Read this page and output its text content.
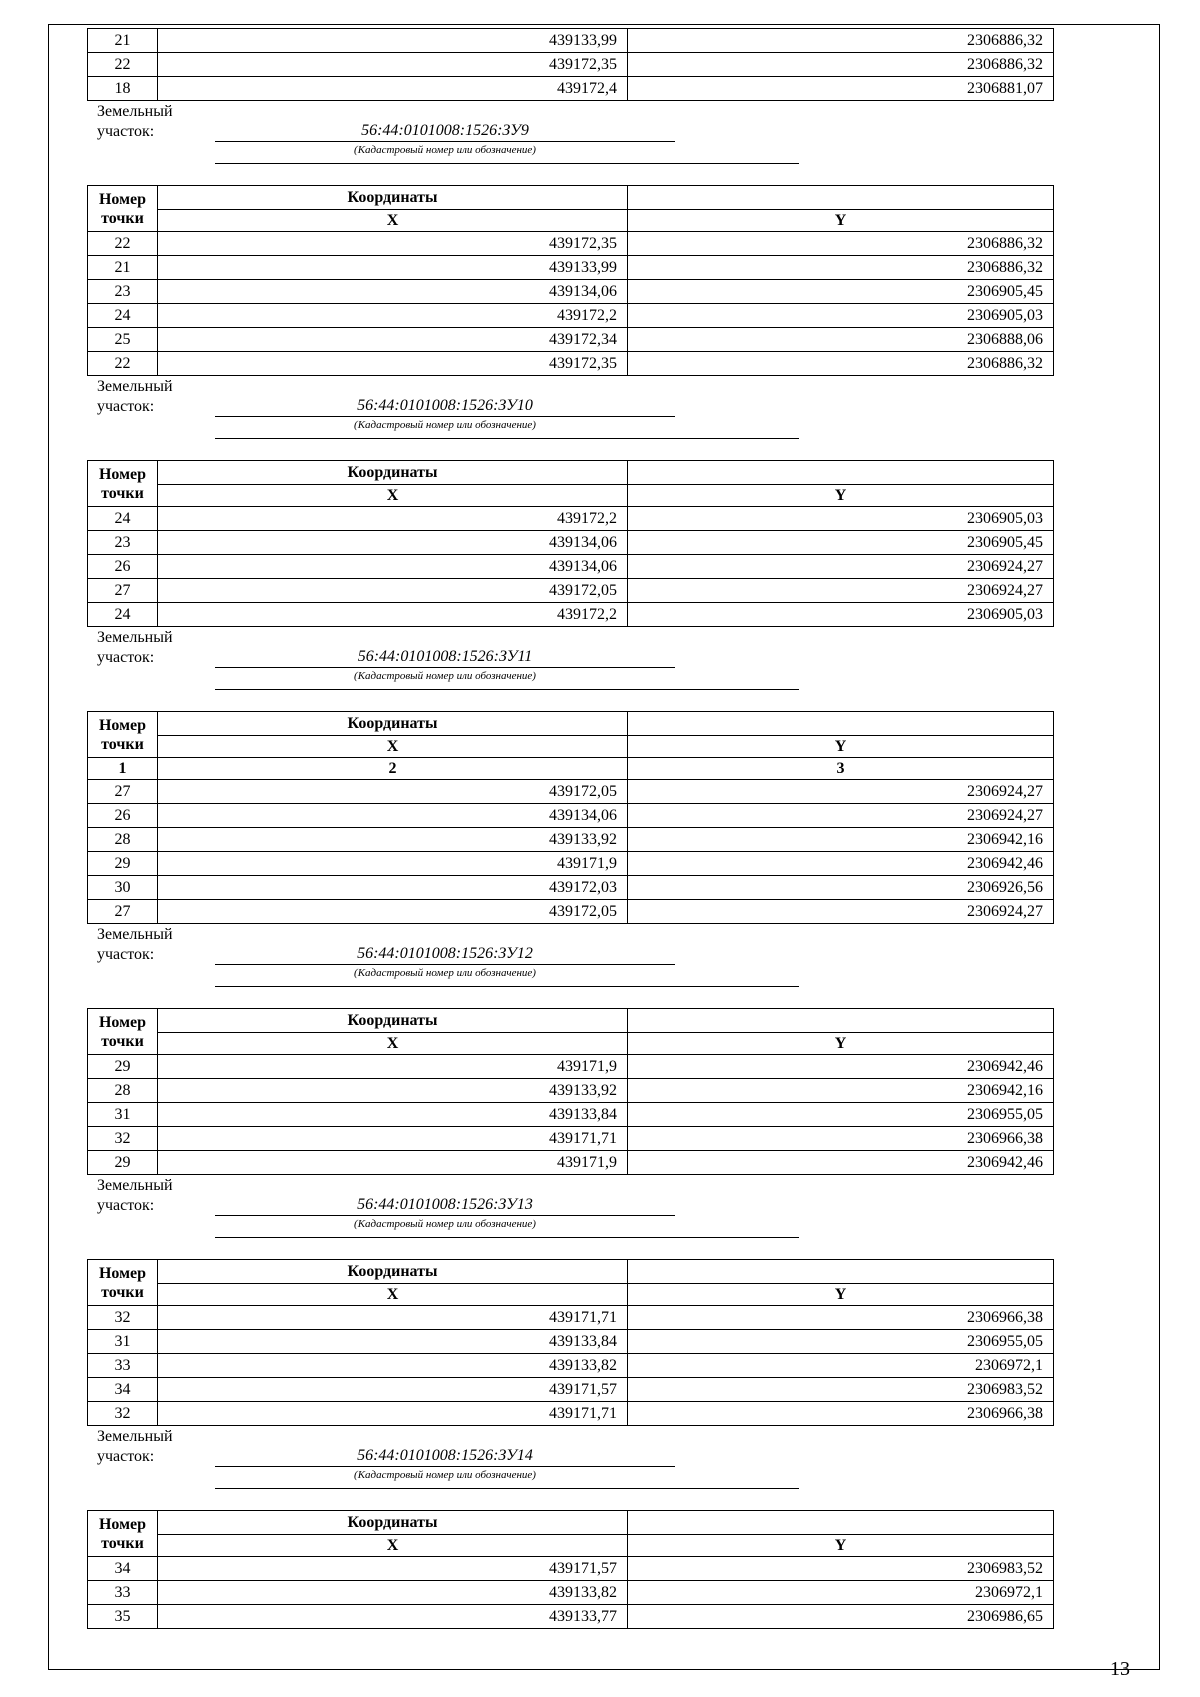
21	439133,99	2306886,32
22	439172,35	2306886,32
18	439172,4	2306881,07
Земельный
участок:	56:44:0101008:1526:ЗУ9
(Кадастровый номер или обозначение)
Номер
точки	Координаты	
	X	Y
22	439172,35	2306886,32
21	439133,99	2306886,32
23	439134,06	2306905,45
24	439172,2	2306905,03
25	439172,34	2306888,06
22	439172,35	2306886,32
Земельный
участок:	56:44:0101008:1526:ЗУ10
(Кадастровый номер или обозначение)
Номер
точки	Координаты	
	X	Y
24	439172,2	2306905,03
23	439134,06	2306905,45
26	439134,06	2306924,27
27	439172,05	2306924,27
24	439172,2	2306905,03
Земельный
участок:	56:44:0101008:1526:ЗУ11
(Кадастровый номер или обозначение)
Номер
точки	Координаты	
	X	Y
1	2	3
27	439172,05	2306924,27
26	439134,06	2306924,27
28	439133,92	2306942,16
29	439171,9	2306942,46
30	439172,03	2306926,56
27	439172,05	2306924,27
Земельный
участок:	56:44:0101008:1526:ЗУ12
(Кадастровый номер или обозначение)
Номер
точки	Координаты	
	X	Y
29	439171,9	2306942,46
28	439133,92	2306942,16
31	439133,84	2306955,05
32	439171,71	2306966,38
29	439171,9	2306942,46
Земельный
участок:	56:44:0101008:1526:ЗУ13
(Кадастровый номер или обозначение)
Номер
точки	Координаты	
	X	Y
32	439171,71	2306966,38
31	439133,84	2306955,05
33	439133,82	2306972,1
34	439171,57	2306983,52
32	439171,71	2306966,38
Земельный
участок:	56:44:0101008:1526:ЗУ14
(Кадастровый номер или обозначение)
Номер
точки	Координаты	
	X	Y
34	439171,57	2306983,52
33	439133,82	2306972,1
35	439133,77	2306986,65
13
